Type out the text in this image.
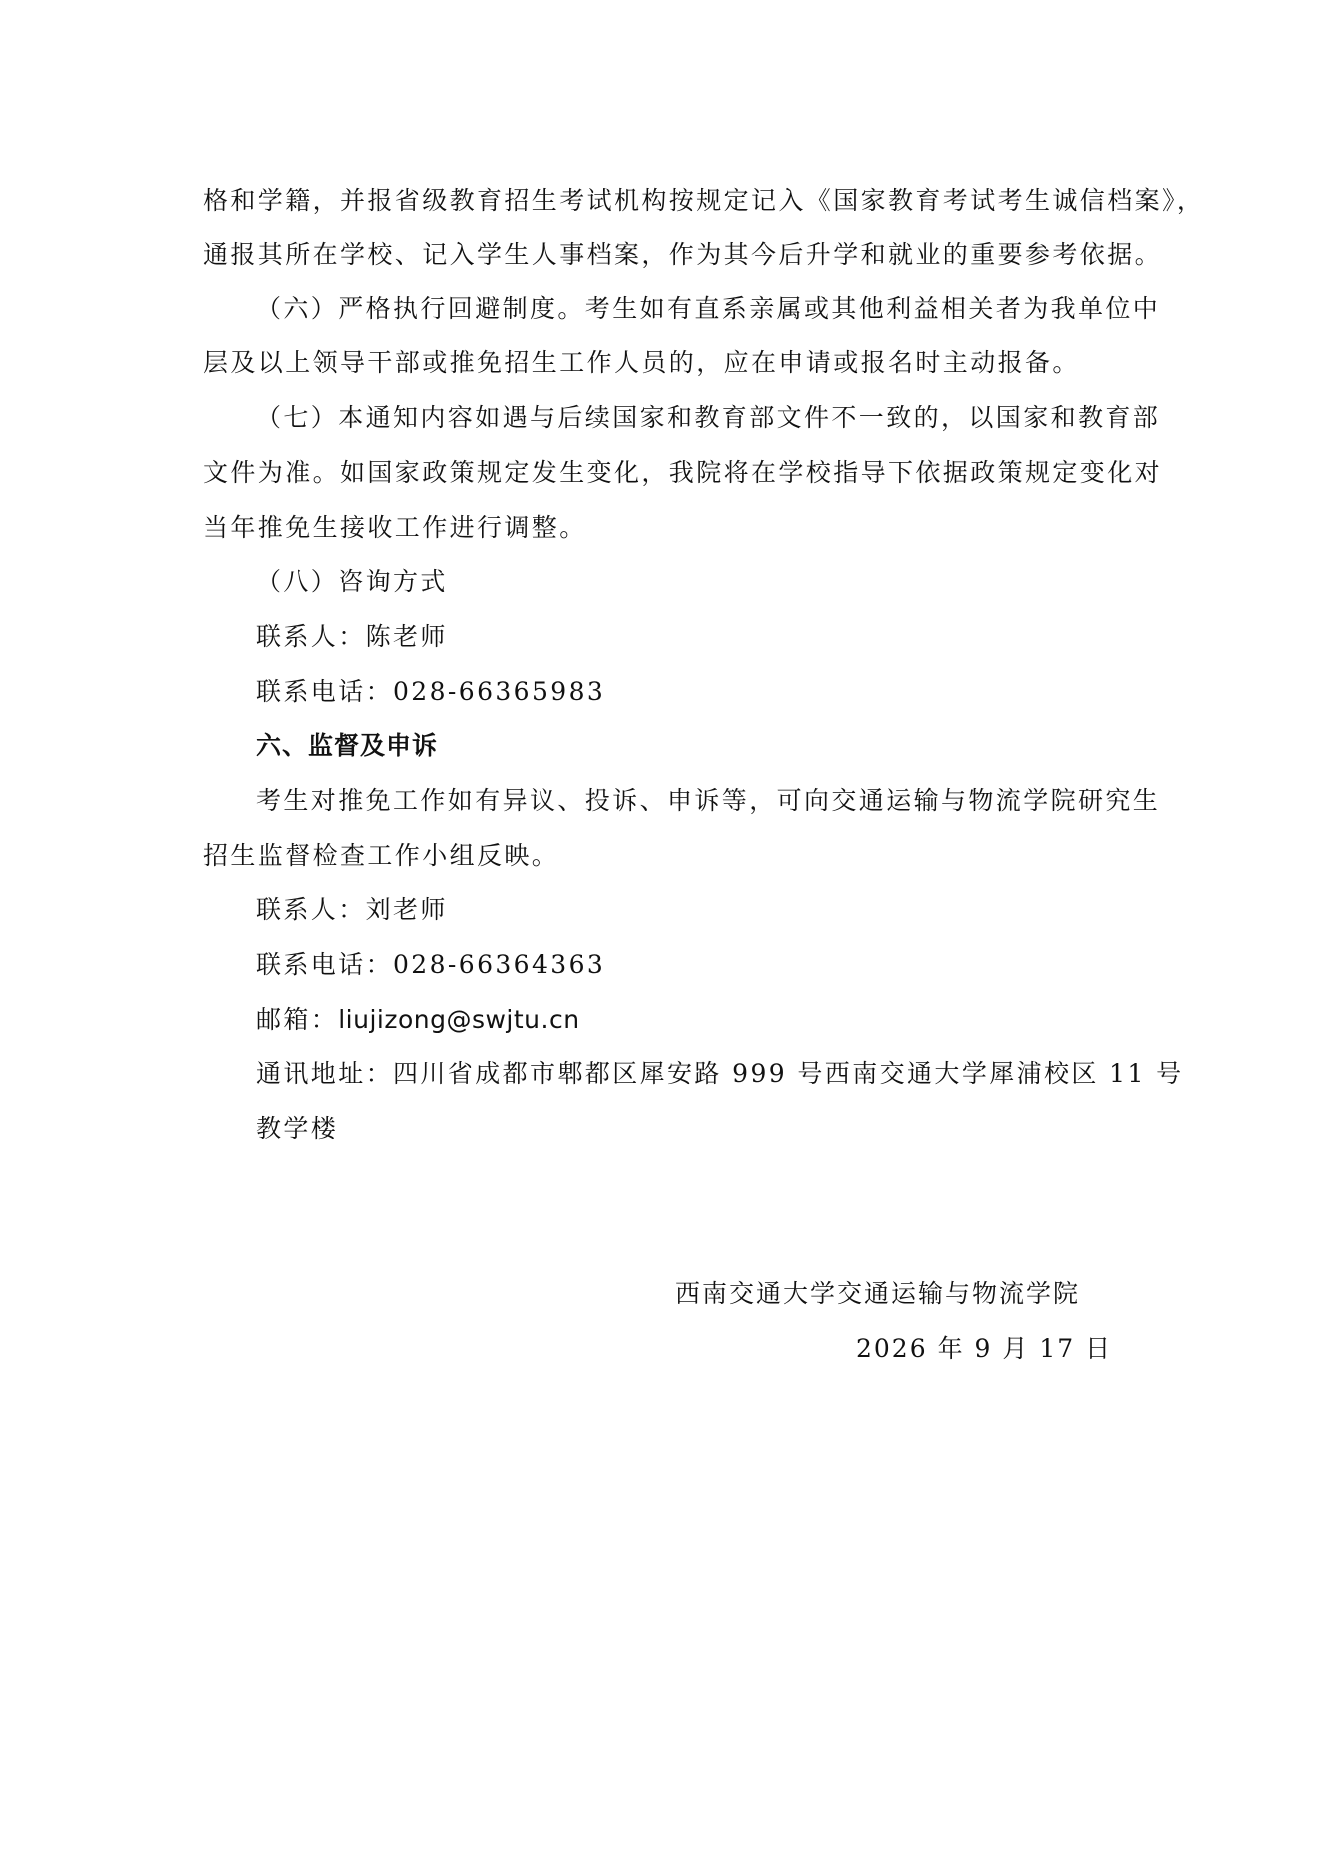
格和学籍，并报省级教育招生考试机构按规定记入《国家教育考试考生诚信档案》，
通报其所在学校、记入学生人事档案，作为其今后升学和就业的重要参考依据。
（六）严格执行回避制度。考生如有直系亲属或其他利益相关者为我单位中
层及以上领导干部或推免招生工作人员的，应在申请或报名时主动报备。
（七）本通知内容如遇与后续国家和教育部文件不一致的，以国家和教育部
文件为准。如国家政策规定发生变化，我院将在学校指导下依据政策规定变化对
当年推免生接收工作进行调整。
（八）咨询方式
联系人：陈老师
联系电话：028-66365983
六、监督及申诉
考生对推免工作如有异议、投诉、申诉等，可向交通运输与物流学院研究生
招生监督检查工作小组反映。
联系人：刘老师
联系电话：028-66364363
邮箱：liujizong@swjtu.cn
通讯地址：四川省成都市郫都区犀安路 999 号西南交通大学犀浦校区 11 号
教学楼
西南交通大学交通运输与物流学院
2026 年 9 月 17 日
